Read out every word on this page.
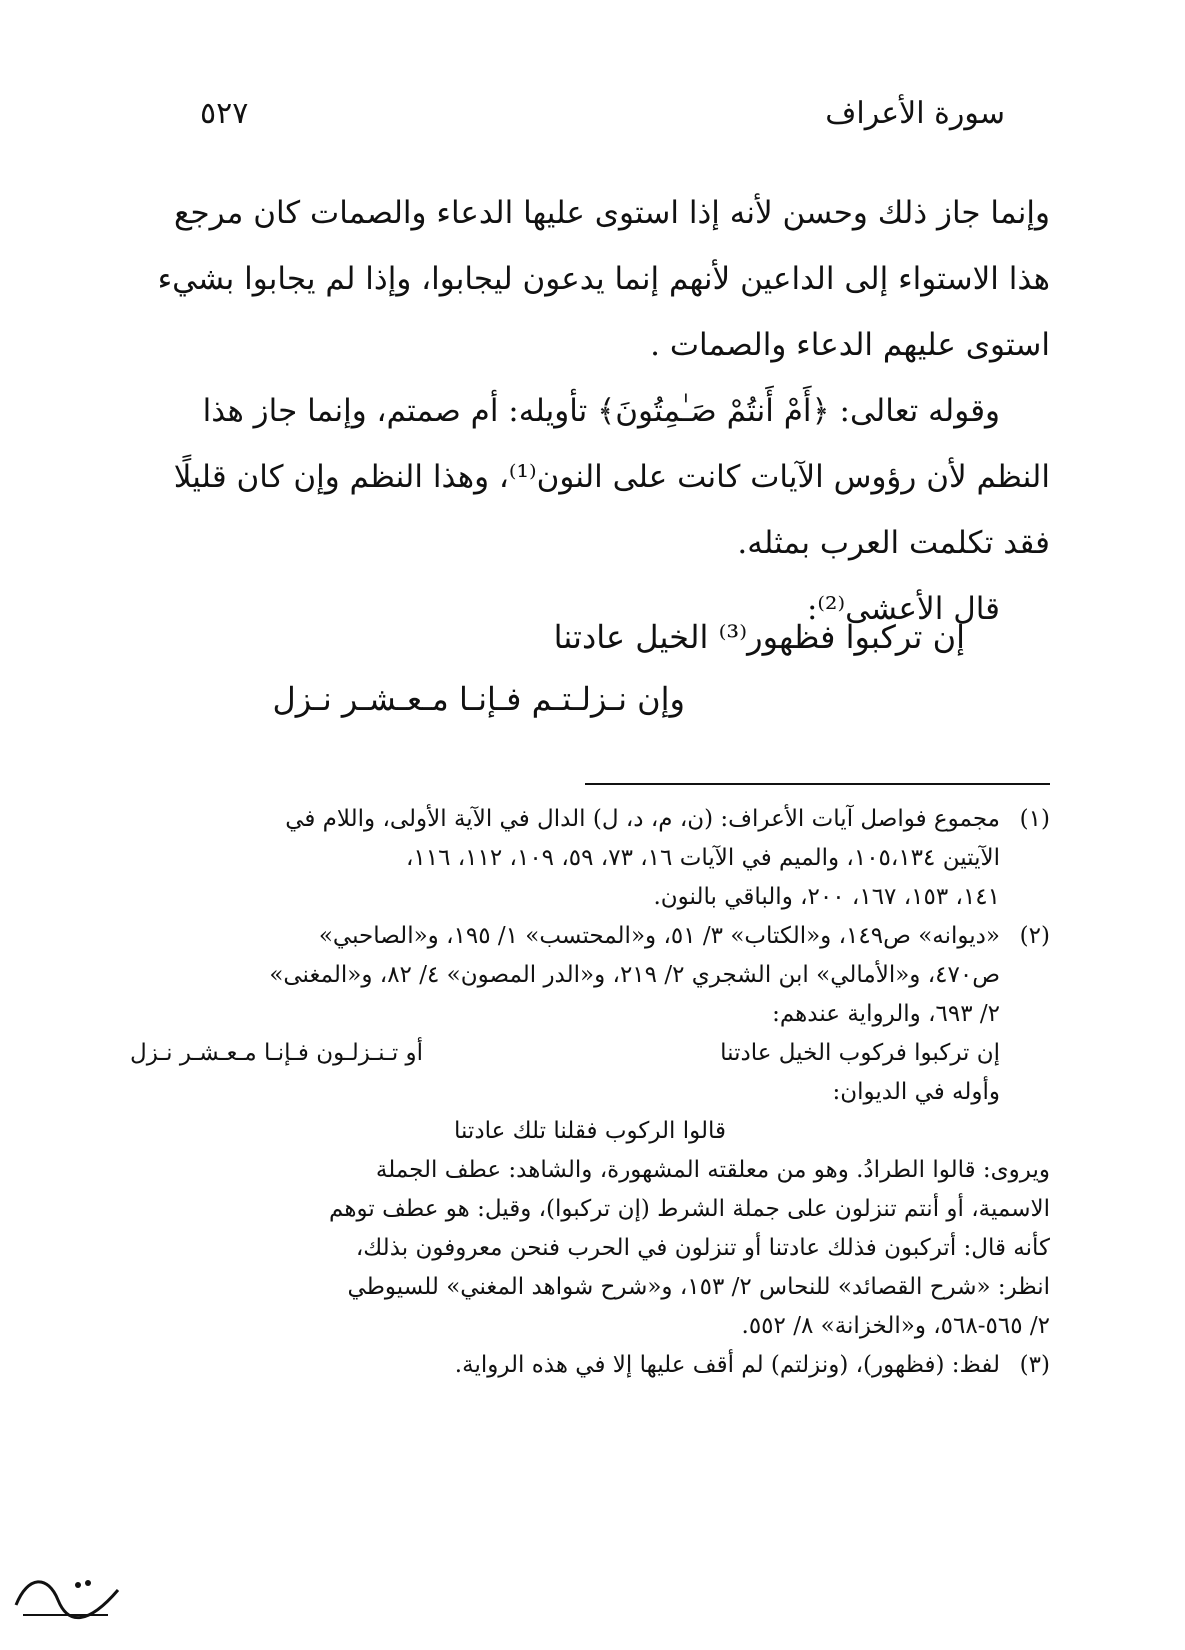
سورة الأعراف
٥٢٧
وإنما جاز ذلك وحسن لأنه إذا استوى عليها الدعاء والصمات كان مرجع
هذا الاستواء إلى الداعين لأنهم إنما يدعون ليجابوا، وإذا لم يجابوا بشيء
استوى عليهم الدعاء والصمات .
وقوله تعالى: ﴿أَمْ أَنتُمْ صَـٰمِتُونَ﴾ تأويله: أم صمتم، وإنما جاز هذا
النظم لأن رؤوس الآيات كانت على النون⁽¹⁾، وهذا النظم وإن كان قليلًا
فقد تكلمت العرب بمثله.
قال الأعشى⁽²⁾:
إن تركبوا فظهور⁽³⁾ الخيل عادتنا
وإن نـزلـتـم فـإنـا مـعـشـر نـزل
(١)مجموع فواصل آيات الأعراف: (ن، م، د، ل) الدال في الآية الأولى، واللام في
الآيتين ١٠٥،١٣٤، والميم في الآيات ١٦، ٧٣، ٥٩، ١٠٩، ١١٢، ١١٦،
١٤١، ١٥٣، ١٦٧، ٢٠٠، والباقي بالنون.
(٢)«ديوانه» ص١٤٩، و«الكتاب» ٣/ ٥١، و«المحتسب» ١/ ١٩٥، و«الصاحبي»
ص٤٧٠، و«الأمالي» ابن الشجري ٢/ ٢١٩، و«الدر المصون» ٤/ ٨٢، و«المغنى»
٢/ ٦٩٣، والرواية عندهم:
إن تركبوا فركوب الخيل عادتنا
أو تـنـزلـون فـإنـا مـعـشـر نـزل
وأوله في الديوان:
قالوا الركوب فقلنا تلك عادتنا
ويروى: قالوا الطرادُ. وهو من معلقته المشهورة، والشاهد: عطف الجملة
الاسمية، أو أنتم تنزلون على جملة الشرط (إن تركبوا)، وقيل: هو عطف توهم
كأنه قال: أتركبون فذلك عادتنا أو تنزلون في الحرب فنحن معروفون بذلك،
انظر: «شرح القصائد» للنحاس ٢/ ١٥٣، و«شرح شواهد المغني» للسيوطي
٢/ ٥٦٥-٥٦٨، و«الخزانة» ٨/ ٥٥٢.
(٣)لفظ: (فظهور)، (ونزلتم) لم أقف عليها إلا في هذه الرواية.
